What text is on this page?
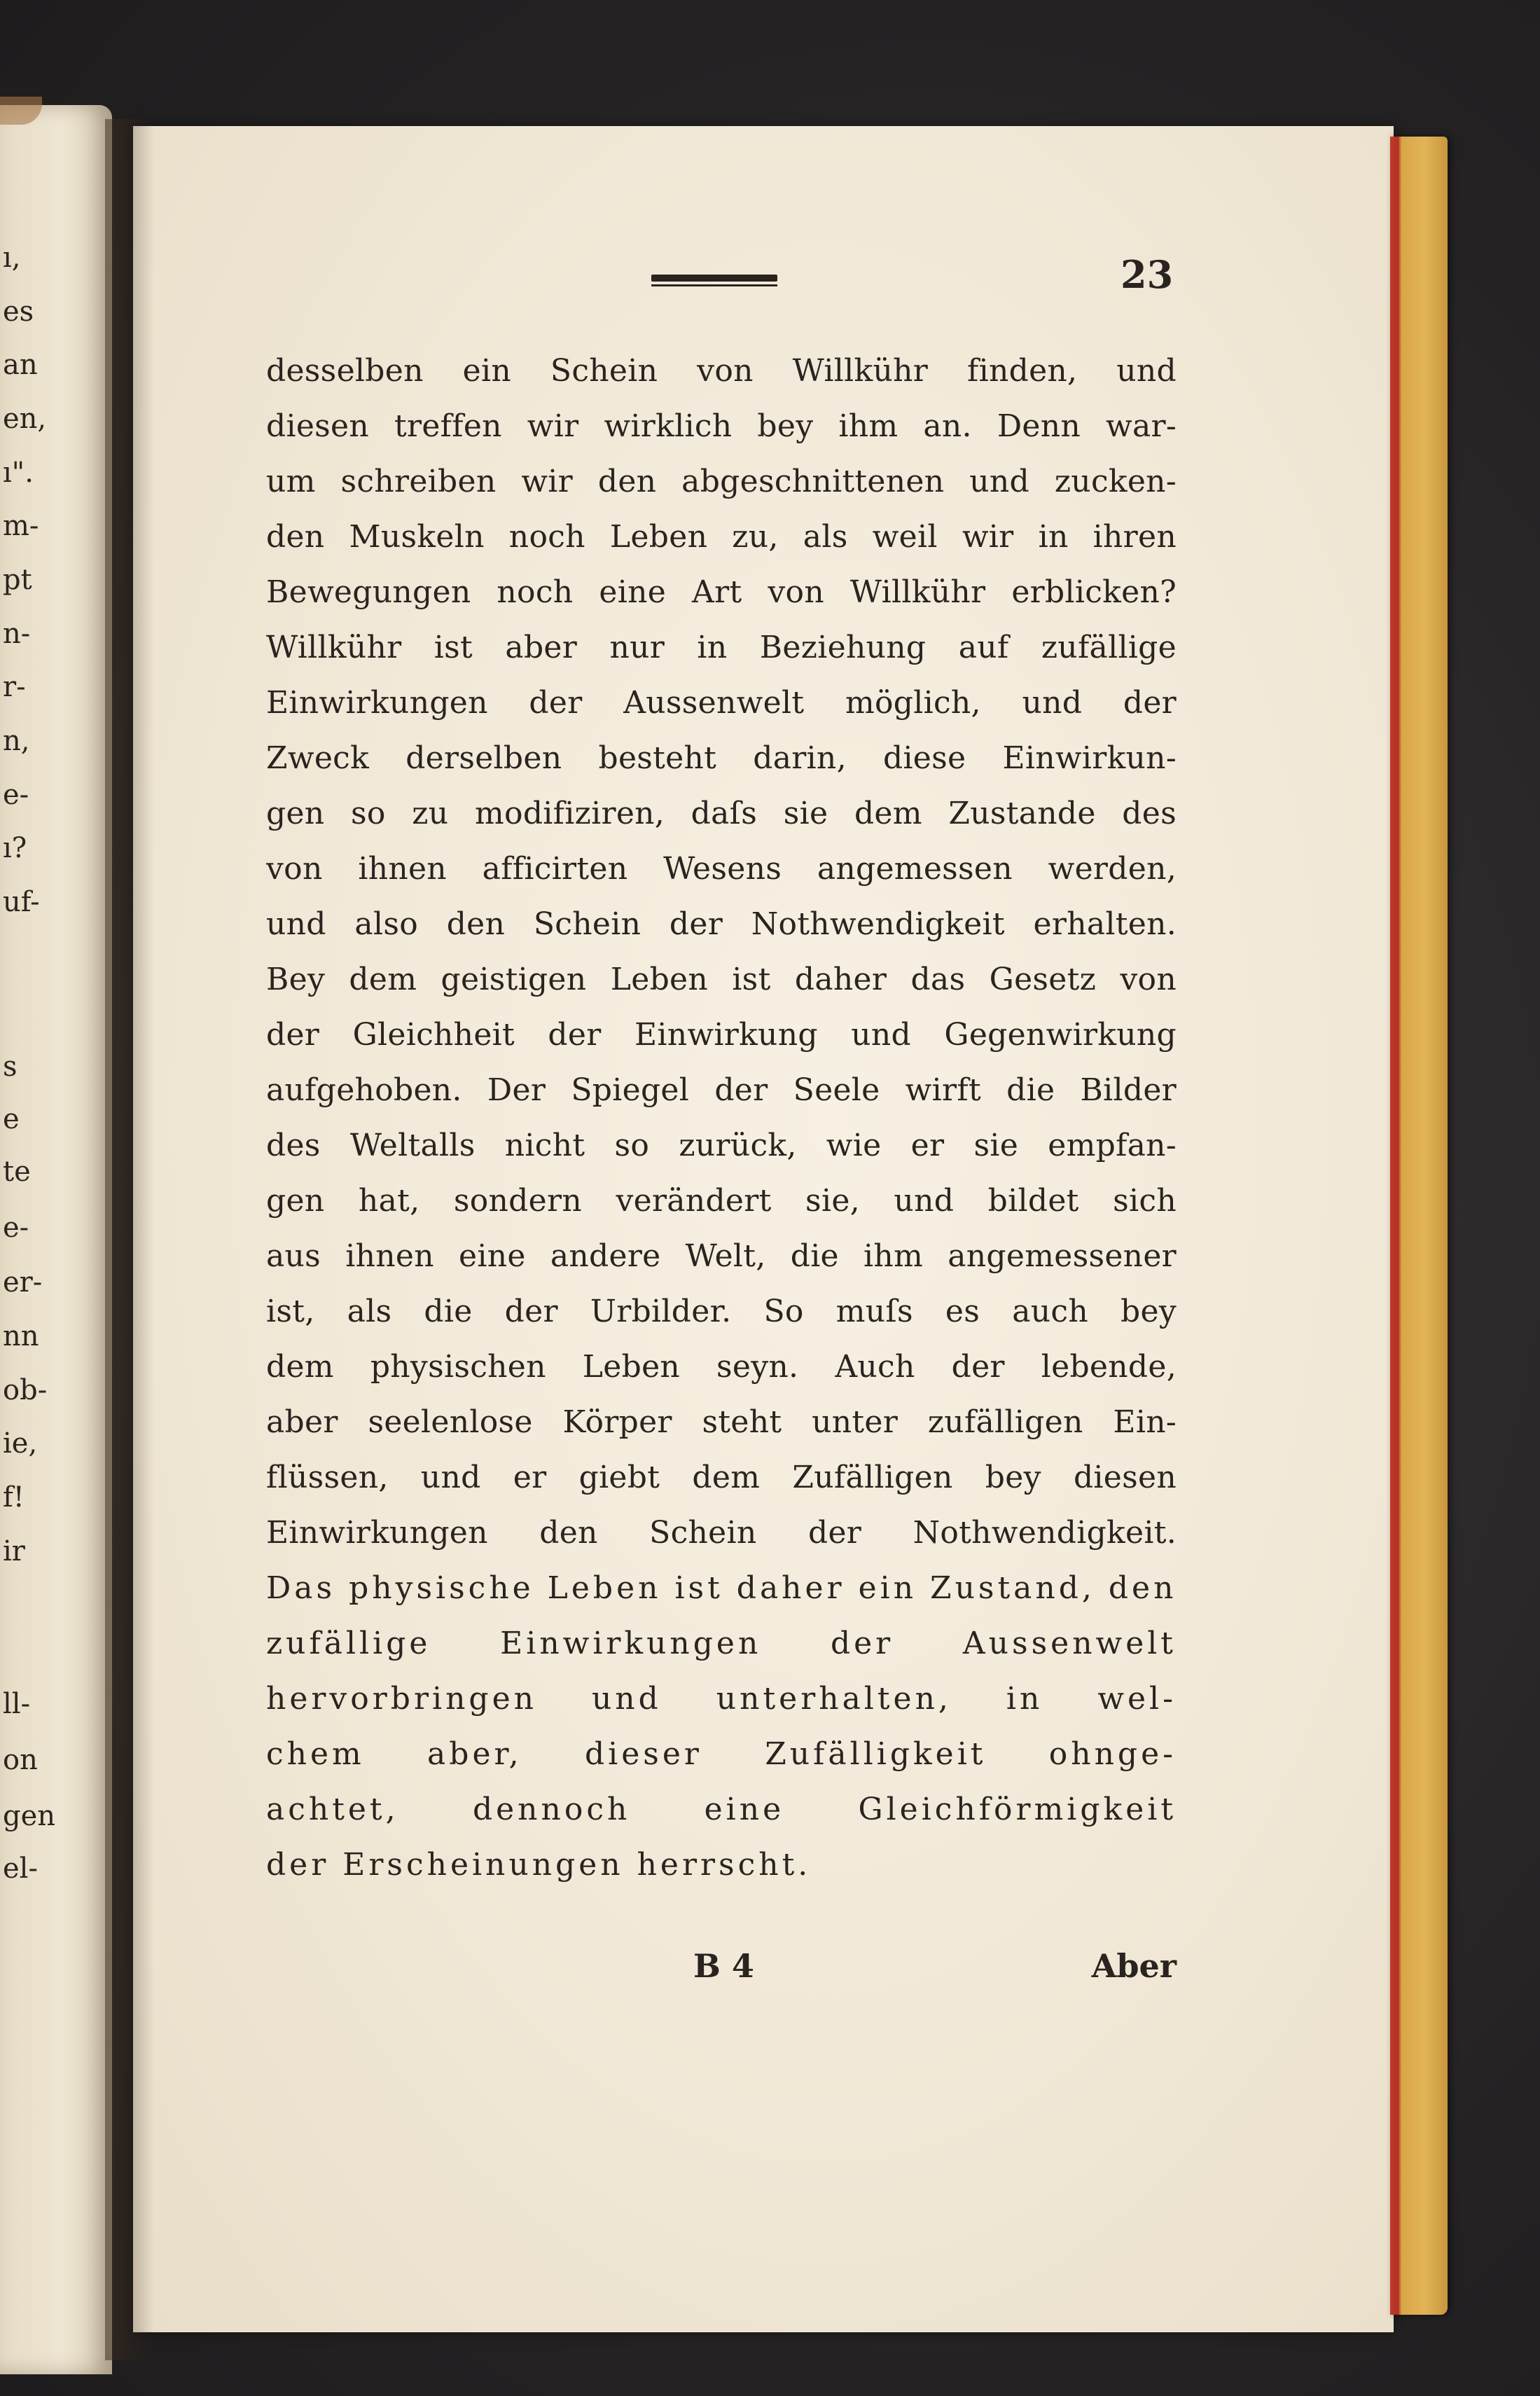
ı,
es
an
en,
ı".
m-
pt
n-
r-
n,
e-
ı?
uf-
s
e
te
e-
er-
nn
ob-
ie,
f!
ir
ll-
on
gen
el-
23
desselben ein Schein von Willkühr finden, und
diesen treffen wir wirklich bey ihm an. Denn war-
um schreiben wir den abgeschnittenen und zucken-
den Muskeln noch Leben zu, als weil wir in ihren
Bewegungen noch eine Art von Willkühr erblicken?
Willkühr ist aber nur in Beziehung auf zufällige
Einwirkungen der Aussenwelt möglich, und der
Zweck derselben besteht darin, diese Einwirkun-
gen so zu modifiziren, daſs sie dem Zustande des
von ihnen afficirten Wesens angemessen werden,
und also den Schein der Nothwendigkeit erhalten.
Bey dem geistigen Leben ist daher das Gesetz von
der Gleichheit der Einwirkung und Gegenwirkung
aufgehoben. Der Spiegel der Seele wirft die Bilder
des Weltalls nicht so zurück, wie er sie empfan-
gen hat, sondern verändert sie, und bildet sich
aus ihnen eine andere Welt, die ihm angemessener
ist, als die der Urbilder. So muſs es auch bey
dem physischen Leben seyn. Auch der lebende,
aber seelenlose Körper steht unter zufälligen Ein-
flüssen, und er giebt dem Zufälligen bey diesen
Einwirkungen den Schein der Nothwendigkeit.
Das physische Leben ist daher ein Zustand, den
zufällige Einwirkungen der Aussenwelt
hervorbringen und unterhalten, in wel-
chem aber, dieser Zufälligkeit ohnge-
achtet, dennoch eine Gleichförmigkeit
der Erscheinungen herrscht.
B 4	Aber
